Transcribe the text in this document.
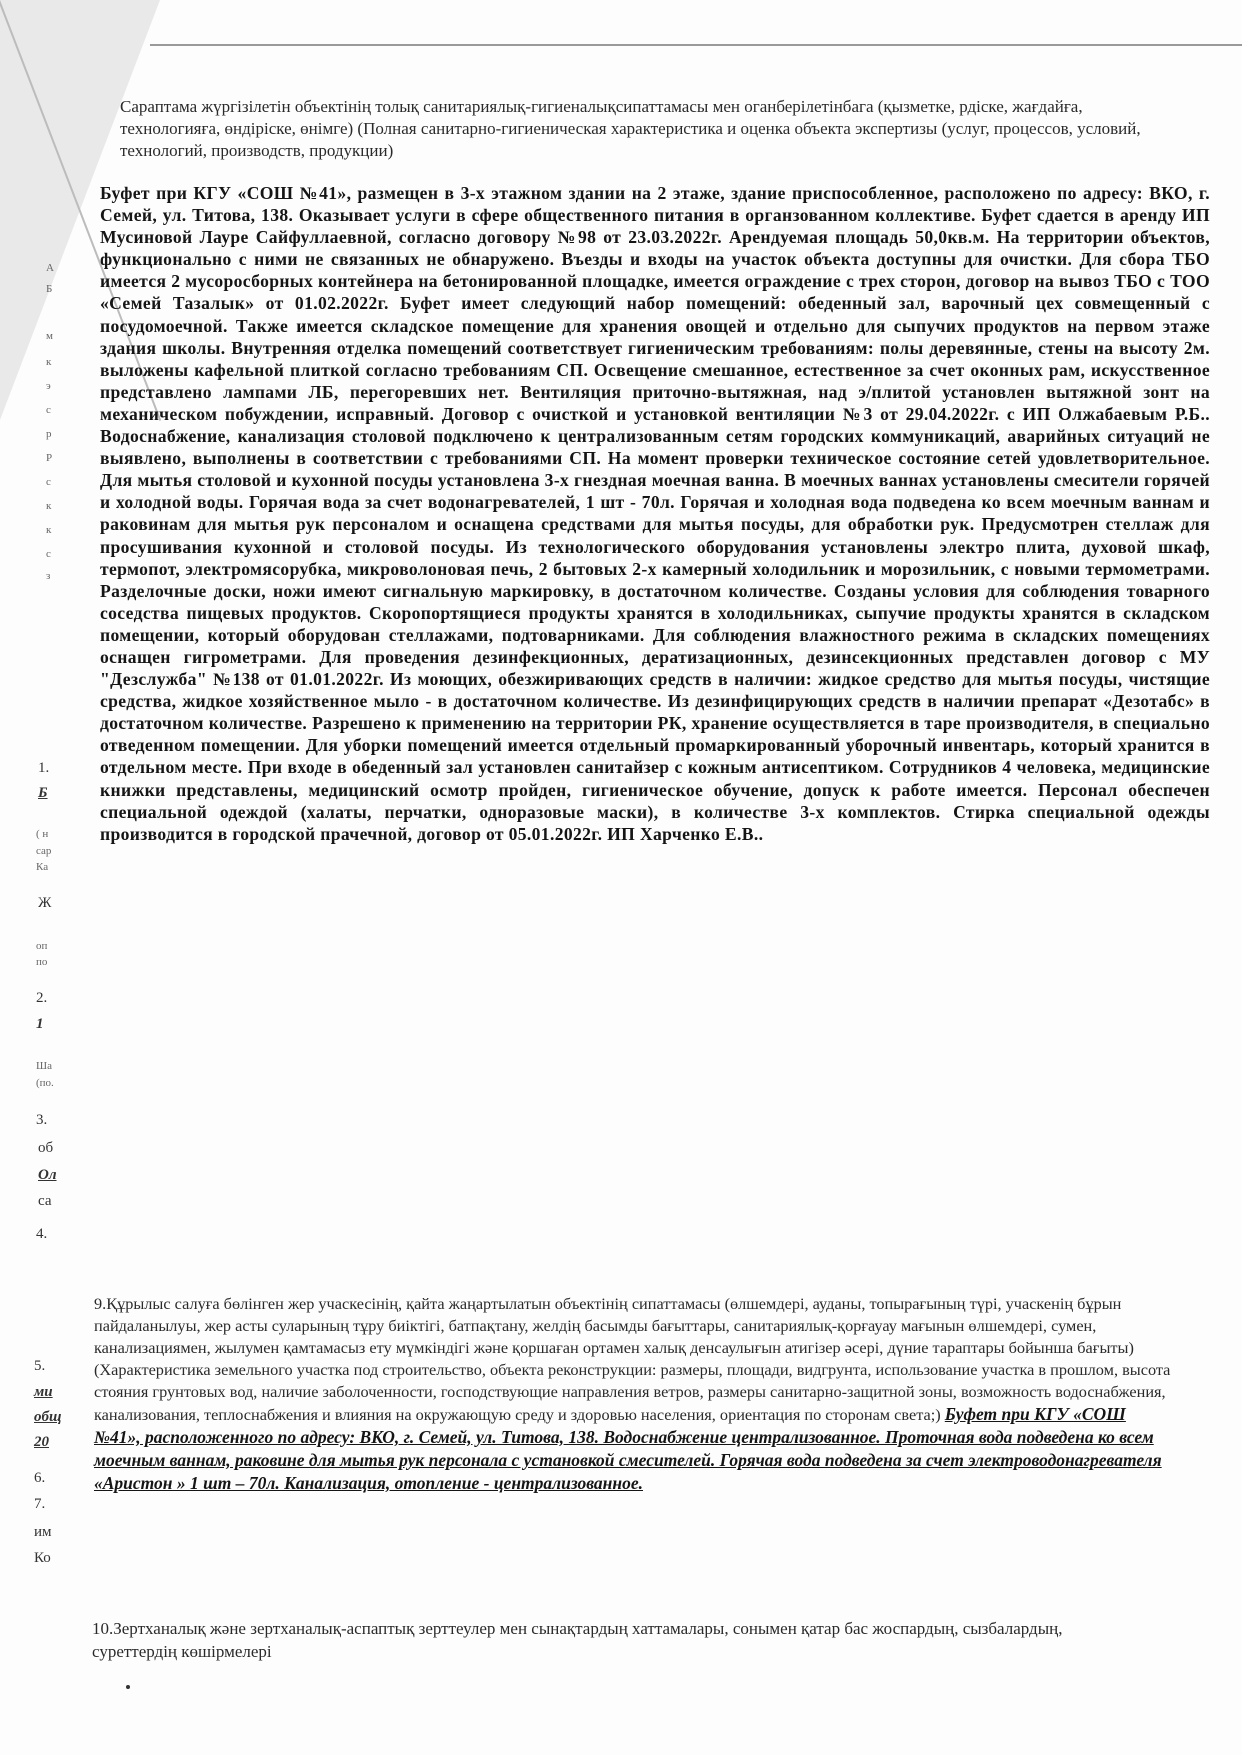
А
Б
м
к
э
с
р
Р
с
к
к
с
з
1.
Б
( н
сар
Ка
Ж
оп
по
2.
1
Ша
(по.
3.
об
Ол
са
4.
5.
ми
общ
20
6.
7.
им
Ко
Сараптама жүргізілетін объектінің толық санитариялық-гигиеналықсипаттамасы мен оганберілетінбага (қызметке, рдіске, жағдайға, технологияға, өндіріске, өнімге) (Полная санитарно-гигиеническая характеристика и оценка объекта экспертизы (услуг, процессов, условий, технологий, производств, продукции)
Буфет при КГУ «СОШ №41», размещен в 3-х этажном здании на 2 этаже, здание приспособленное, расположено по адресу: ВКО, г. Семей, ул. Титова, 138. Оказывает услуги в сфере общественного питания в органзованном коллективе. Буфет сдается в аренду ИП Мусиновой Лауре Сайфуллаевной, согласно договору №98 от 23.03.2022г. Арендуемая площадь 50,0кв.м. На территории объектов, функционально с ними не связанных не обнаружено. Въезды и входы на участок объекта доступны для очистки. Для сбора ТБО имеется 2 мусоросборных контейнера на бетонированной площадке, имеется ограждение с трех сторон, договор на вывоз ТБО с ТОО «Семей Тазалык» от 01.02.2022г. Буфет имеет следующий набор помещений: обеденный зал, варочный цех совмещенный с посудомоечной. Также имеется складское помещение для хранения овощей и отдельно для сыпучих продуктов на первом этаже здания школы. Внутренняя отделка помещений соответствует гигиеническим требованиям: полы деревянные, стены на высоту 2м. выложены кафельной плиткой согласно требованиям СП. Освещение смешанное, естественное за счет оконных рам, искусственное представлено лампами ЛБ, перегоревших нет. Вентиляция приточно-вытяжная, над э/плитой установлен вытяжной зонт на механическом побуждении, исправный. Договор с очисткой и установкой вентиляции №3 от 29.04.2022г. с ИП Олжабаевым Р.Б.. Водоснабжение, канализация столовой подключено к централизованным сетям городских коммуникаций, аварийных ситуаций не выявлено, выполнены в соответствии с требованиями СП. На момент проверки техническое состояние сетей удовлетворительное. Для мытья столовой и кухонной посуды установлена 3-х гнездная моечная ванна. В моечных ваннах установлены смесители горячей и холодной воды. Горячая вода за счет водонагревателей, 1 шт - 70л. Горячая и холодная вода подведена ко всем моечным ваннам и раковинам для мытья рук персоналом и оснащена средствами для мытья посуды, для обработки рук. Предусмотрен стеллаж для просушивания кухонной и столовой посуды. Из технологического оборудования установлены электро плита, духовой шкаф, термопот, электромясорубка, микроволоновая печь, 2 бытовых 2-х камерный холодильник и морозильник, с новыми термометрами. Разделочные доски, ножи имеют сигнальную маркировку, в достаточном количестве. Созданы условия для соблюдения товарного соседства пищевых продуктов. Скоропортящиеся продукты хранятся в холодильниках, сыпучие продукты хранятся в складском помещении, который оборудован стеллажами, подтоварниками. Для соблюдения влажностного режима в складских помещениях оснащен гигрометрами. Для проведения дезинфекционных, дератизационных, дезинсекционных представлен договор с МУ "Дезслужба" №138 от 01.01.2022г. Из моющих, обезжиривающих средств в наличии: жидкое средство для мытья посуды, чистящие средства, жидкое хозяйственное мыло - в достаточном количестве. Из дезинфицирующих средств в наличии препарат «Дезотабс» в достаточном количестве. Разрешено к применению на территории РК, хранение осуществляется в таре производителя, в специально отведенном помещении. Для уборки помещений имеется отдельный промаркированный уборочный инвентарь, который хранится в отдельном месте. При входе в обеденный зал установлен санитайзер с кожным антисептиком. Сотрудников 4 человека, медицинские книжки представлены, медицинский осмотр пройден, гигиеническое обучение, допуск к работе имеется. Персонал обеспечен специальной одеждой (халаты, перчатки, одноразовые маски), в количестве 3-х комплектов. Стирка специальной одежды производится в городской прачечной, договор от 05.01.2022г. ИП Харченко Е.В..
9.Құрылыс салуға бөлінген жер учаскесінің, қайта жаңартылатын объектінің сипаттамасы (өлшемдері, ауданы, топырағының түрі, учаскенің бұрын пайдаланылуы, жер асты суларының тұру биіктігі, батпақтану, желдің басымды бағыттары, санитариялық-қорғауау мағынын өлшемдері, сумен, канализациямен, жылумен қамтамасыз ету мүмкіндігі және қоршаған ортамен халық денсаулығын атигізер әсері, дүние тараптары бойынша бағыты) (Характеристика земельного участка под строительство, объекта реконструкции: размеры, площади, видгрунта, использование участка в прошлом, высота стояния грунтовых вод, наличие заболоченности, господствующие направления ветров, размеры санитарно-защитной зоны, возможность водоснабжения, канализования, теплоснабжения и влияния на окружающую среду и здоровью населения, ориентация по сторонам света;) Буфет при КГУ «СОШ №41», расположенного по адресу: ВКО, г. Семей, ул. Титова, 138. Водоснабжение централизованное. Проточная вода подведена ко всем моечным ваннам, раковине для мытья рук персонала с установкой смесителей. Горячая вода подведена за счет электроводонагревателя «Аристон » 1 шт – 70л. Канализация, отопление - централизованное.
10.Зертханалық және зертханалық-аспаптық зерттеулер мен сынақтардың хаттамалары, сонымен қатар бас жоспардың, сызбалардың, суреттердің көшірмелері
